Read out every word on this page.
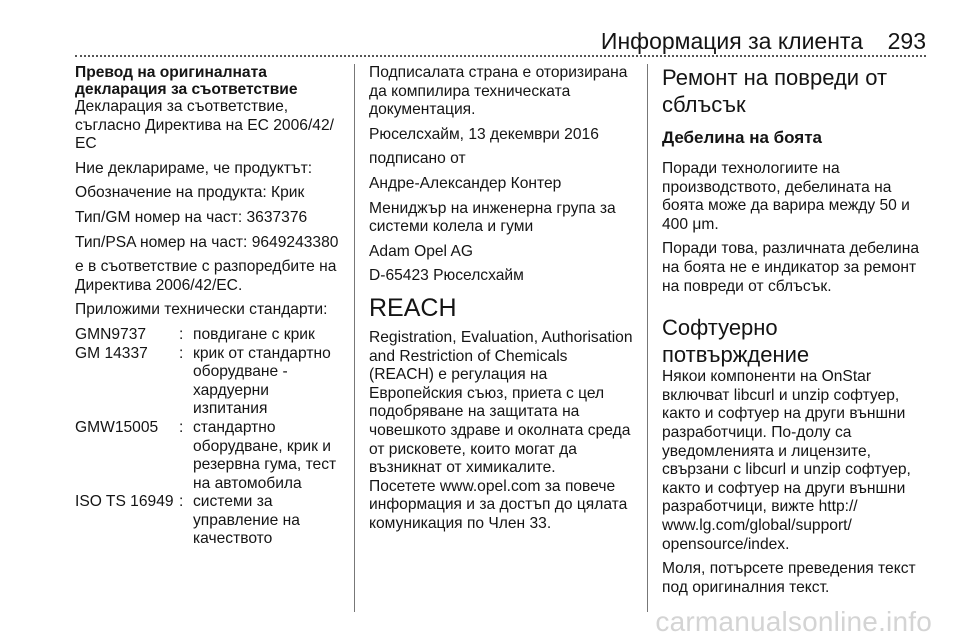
Информация за клиента 293

Превод на оригиналната декларация за съответствие

Декларация за съответствие, съгласно Директива на ЕС 2006/42/ ЕС

Ние декларираме, че продуктът:

Обозначение на продукта: Крик

Тип/GM номер на част: 3637376

Тип/PSA номер на част: 9649243380

е в съответствие с разпоредбите на Директива 2006/42/ЕС.

Приложими технически стандарти:

GMN9737	: повдигане с крик
GM 14337	: крик от стандартно оборудване - хардуерни изпитания
GMW15005	: стандартно оборудване, крик и резервна гума, тест на автомобила
ISO TS 16949 : системи за управление на качеството

Подписалата страна е оторизирана да компилира техническата документация.

Рюселсхайм, 13 декември 2016

подписано от

Андре-Александер Контер

Мениджър на инженерна група за системи колела и гуми

Adam Opel AG

D-65423 Рюселсхайм

REACH

Registration, Evaluation, Authorisation and Restriction of Chemicals (REACH) е регулация на Европейския съюз, приета с цел подобряване на защитата на човешкото здраве и околната среда от рисковете, които могат да възникнат от химикалите.

Посетете www.opel.com за повече информация и за достъп до цялата комуникация по Член 33.

Ремонт на повреди от сблъсък

Дебелина на боята

Поради технологиите на производството, дебелината на боята може да варира между 50 и 400 μm.

Поради това, различната дебелина на боята не е индикатор за ремонт на повреди от сблъсък.

Софтуерно потвърждение

Някои компоненти на OnStar включват libcurl и unzip софтуер, както и софтуер на други външни разработчици. По-долу са уведомленията и лицензите, свързани с libcurl и unzip софтуер, както и софтуер на други външни разработчици, вижте http:// www.lg.com/global/support/ opensource/index.

Моля, потърсете преведения текст под оригиналния текст.

carmanualsonline.info
